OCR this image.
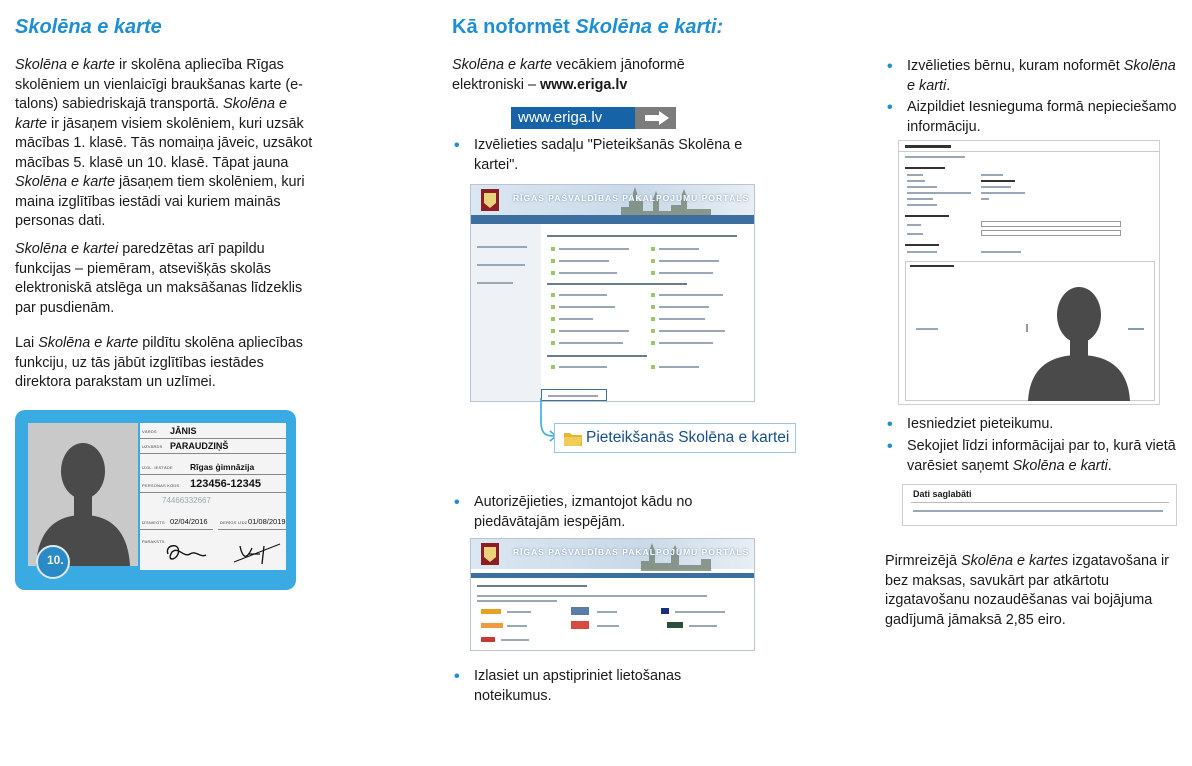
Skolēna e karte

Skolēna e karte ir skolēna apliecība Rīgas skolēniem un vienlaicīgi braukšanas karte (e-talons) sabiedriskajā transportā. Skolēna e karte ir jāsaņem visiem skolēniem, kuri uzsāk mācības 1. klasē. Tās nomaiņa jāveic, uzsākot mācības 5. klasē un 10. klasē. Tāpat jauna Skolēna e karte jāsaņem tiem skolēniem, kuri maina izglītības iestādi vai kuriem mainās personas dati.

Skolēna e kartei paredzētas arī papildu funkcijas – piemēram, atsevišķās skolās elektroniskā atslēga un maksāšanas līdzeklis par pusdienām.

Lai Skolēna e karte pildītu skolēna apliecības funkciju, uz tās jābūt izglītības iestādes direktora parakstam un uzlīmei.

VĀRDS JĀNIS
UZVĀRDS PARAUDZIŅŠ
IZGL. IESTĀDE Rīgas ģimnāzija
PERSONAS KODS 123456-12345
74466332667
IZSNIEGTS 02/04/2016	DERĪGS LĪDZ 01/08/2019
PARAKSTS
10.
Kā noformēt Skolēna e karti:

Skolēna e karte vecākiem jānoformē elektroniski – www.eriga.lv

www.eriga.lv
• Izvēlieties sadaļu "Pieteikšanās Skolēna e kartei".
RĪGAS PAŠVALDĪBAS PAKALPOJUMU PORTĀLS
Pieteikšanās Skolēna e kartei
• Autorizējieties, izmantojot kādu no piedāvātajām iespējām.
RĪGAS PAŠVALDĪBAS PAKALPOJUMU PORTĀLS
• Izlasiet un apstipriniet lietošanas noteikumus.
• Izvēlieties bērnu, kuram noformēt Skolēna e karti.
• Aizpildiet Iesnieguma formā nepieciešamo informāciju.
• Iesniedziet pieteikumu.
• Sekojiet līdzi informācijai par to, kurā vietā varēsiet saņemt Skolēna e karti.
Dati saglabāti

Pirmreizējā Skolēna e kartes izgatavošana ir bez maksas, savukārt par atkārtotu izgatavošanu nozaudēšanas vai bojājuma gadījumā jāmaksā 2,85 eiro.
